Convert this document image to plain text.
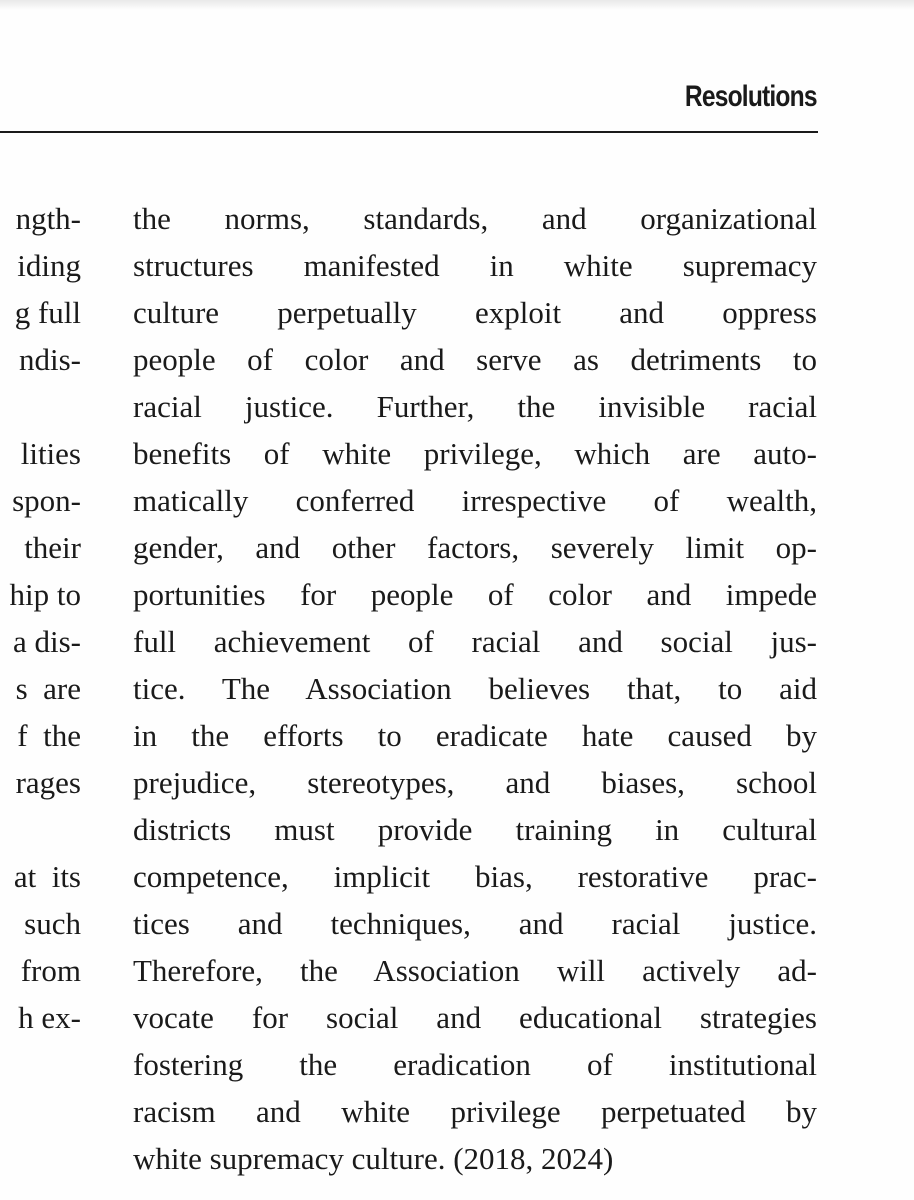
Resolutions
ngth-
iding
g full
ndis-
lities
spon-
their
hip to
a dis-
s  are
f  the
rages
at  its
such
from
h ex-
the norms, standards, and organizational
structures manifested in white supremacy
culture perpetually exploit and oppress
people of color and serve as detriments to
racial justice. Further, the invisible racial
benefits of white privilege, which are auto-
matically conferred irrespective of wealth,
gender, and other factors, severely limit op-
portunities for people of color and impede
full achievement of racial and social jus-
tice. The Association believes that, to aid
in the efforts to eradicate hate caused by
prejudice, stereotypes, and biases, school
districts must provide training in cultural
competence, implicit bias, restorative prac-
tices and techniques, and racial justice.
Therefore, the Association will actively ad-
vocate for social and educational strategies
fostering the eradication of institutional
racism and white privilege perpetuated by
white supremacy culture. (2018, 2024)
